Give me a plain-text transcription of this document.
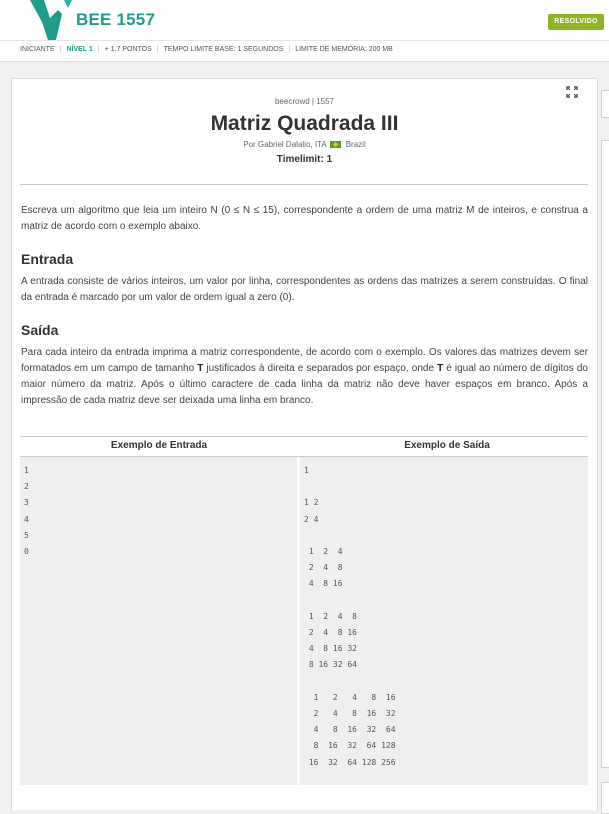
BEE 1557	RESOLVIDO
INICIANTE | NÍVEL 1 | + 1.7 PONTOS | TEMPO LIMITE BASE: 1 SEGUNDOS | LIMITE DE MEMÓRIA: 200 MB
beecrowd | 1557
Matriz Quadrada III
Por Gabriel Dalalio, ITA Brazil
Timelimit: 1

Escreva um algoritmo que leia um inteiro N (0 ≤ N ≤ 15), correspondente a ordem de uma matriz M de inteiros, e construa a matriz de acordo com o exemplo abaixo.

Entrada

A entrada consiste de vários inteiros, um valor por linha, correspondentes as ordens das matrizes a serem construídas. O final da entrada é marcado por um valor de ordem igual a zero (0).

Saída

Para cada inteiro da entrada imprima a matriz correspondente, de acordo com o exemplo. Os valores das matrizes devem ser formatados em um campo de tamanho T justificados à direita e separados por espaço, onde T é igual ao número de dígitos do maior número da matriz. Após o último caractere de cada linha da matriz não deve haver espaços em branco. Após a impressão de cada matriz deve ser deixada uma linha em branco.

Exemplo de Entrada	Exemplo de Saída
1
2
3
4
5
0
1

1 2
2 4

1  2  4
2  4  8
4  8 16

1  2  4  8
2  4  8 16
4  8 16 32
8 16 32 64

1   2   4   8  16
2   4   8  16  32
4   8  16  32  64
8  16  32  64 128
16  32  64 128 256
